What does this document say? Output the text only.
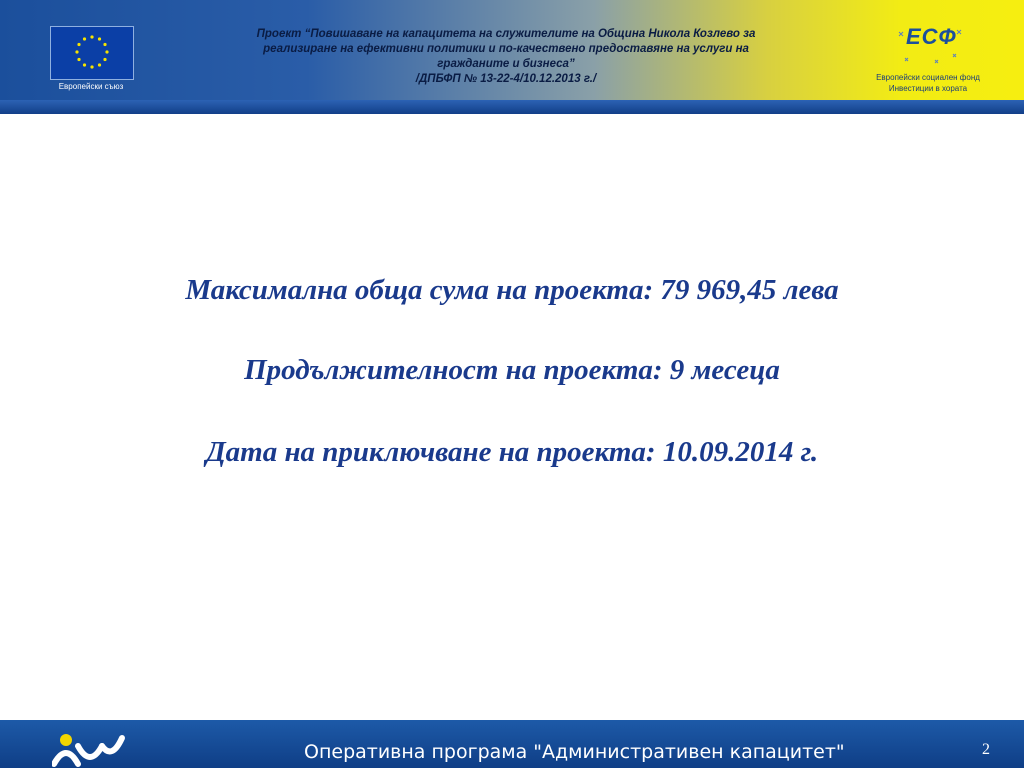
Европейски съюз
Проект “Повишаване на капацитета на служителите на Община Никола Козлево за
реализиране на ефективни политики и по-качествено предоставяне на услуги на
гражданите и бизнеса”
/ДПБФП № 13-22-4/10.12.2013 г./
ЕСФ
Европейски социален фонд
Инвестиции в хората
Максимална обща сума на проекта: 79 969,45 лева
Продължителност на проекта: 9 месеца
Дата на приключване на проекта: 10.09.2014 г.
Оперативна програма "Административен капацитет"	2
